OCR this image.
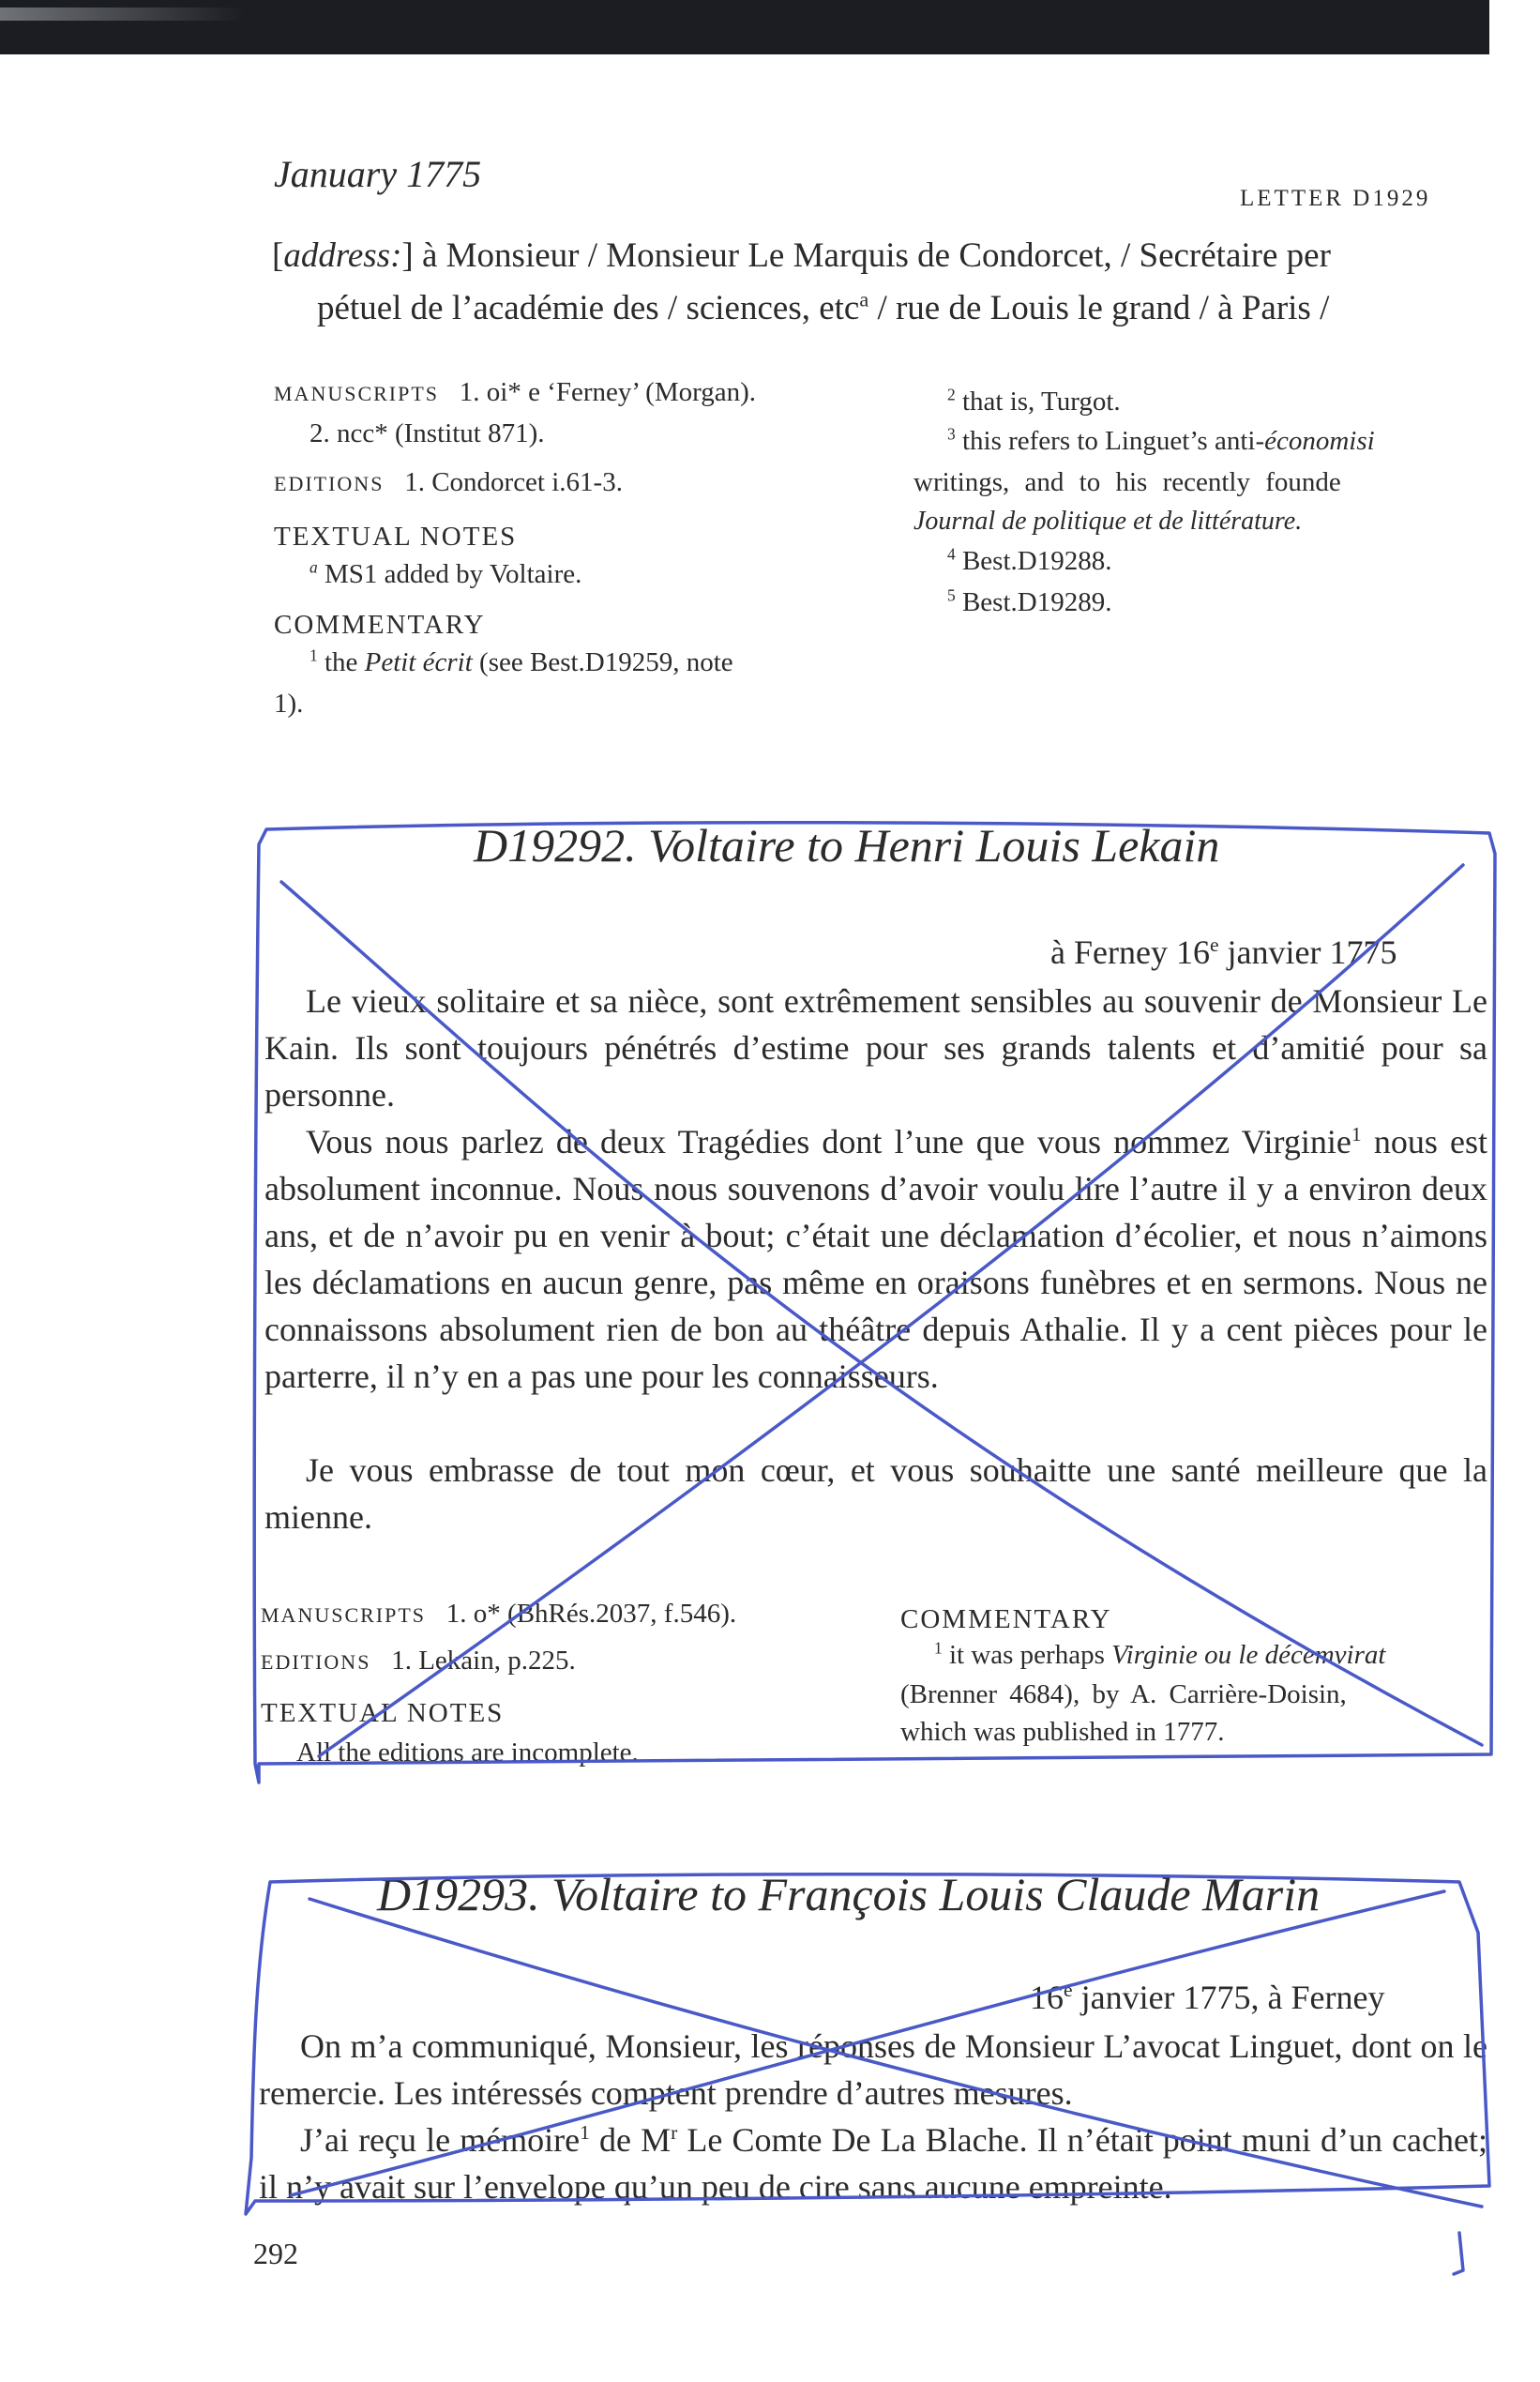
January 1775
LETTER D1929
[address:] à Monsieur / Monsieur Le Marquis de Condorcet, / Secrétaire per
pétuel de l’académie des / sciences, etc$^a$ / rue de Louis le grand / à Paris /
MANUSCRIPTS 1. oi* e ‘Ferney’ (Morgan).
2. ncc* (Institut 871).
EDITIONS 1. Condorcet i.61-3.
TEXTUAL NOTES
$^a$ MS1 added by Voltaire.
COMMENTARY
$^1$ the Petit écrit (see Best.D19259, note
1).
$^2$ that is, Turgot.
$^3$ this refers to Linguet’s anti-économisi
writings, and to his recently founde
Journal de politique et de littérature.
$^4$ Best.D19288.
$^5$ Best.D19289.
D19292. Voltaire to Henri Louis Lekain
à Ferney 16e janvier 1775
Le vieux solitaire et sa nièce, sont extrêmement sensibles au souvenir de Monsieur Le Kain. Ils sont toujours pénétrés d’estime pour ses grands talents et d’amitié pour sa personne.
Vous nous parlez de deux Tragédies dont l’une que vous nommez Virginie$^1$ nous est absolument inconnue. Nous nous souvenons d’avoir voulu lire l’autre il y a environ deux ans, et de n’avoir pu en venir à bout; c’était une déclamation d’écolier, et nous n’aimons les déclamations en aucun genre, pas même en oraisons funèbres et en sermons. Nous ne connaissons absolument rien de bon au théâtre depuis Athalie. Il y a cent pièces pour le parterre, il n’y en a pas une pour les connaisseurs.
Je vous embrasse de tout mon cœur, et vous souhaitte une santé meilleure que la mienne.
MANUSCRIPTS 1. o* (BhRés.2037, f.546).
EDITIONS 1. Lekain, p.225.
TEXTUAL NOTES
All the editions are incomplete.
COMMENTARY
$^1$ it was perhaps Virginie ou le décemvirat
(Brenner 4684), by A. Carrière-Doisin,
which was published in 1777.
D19293. Voltaire to François Louis Claude Marin
16e janvier 1775, à Ferney
On m’a communiqué, Monsieur, les réponses de Monsieur L’avocat Linguet, dont on le remercie. Les intéressés comptent prendre d’autres mesures.
J’ai reçu le mémoire$^1$ de $M^r$ Le Comte De La Blache. Il n’était point muni d’un cachet; il n’y avait sur l’envelope qu’un peu de cire sans aucune empreinte.
292
